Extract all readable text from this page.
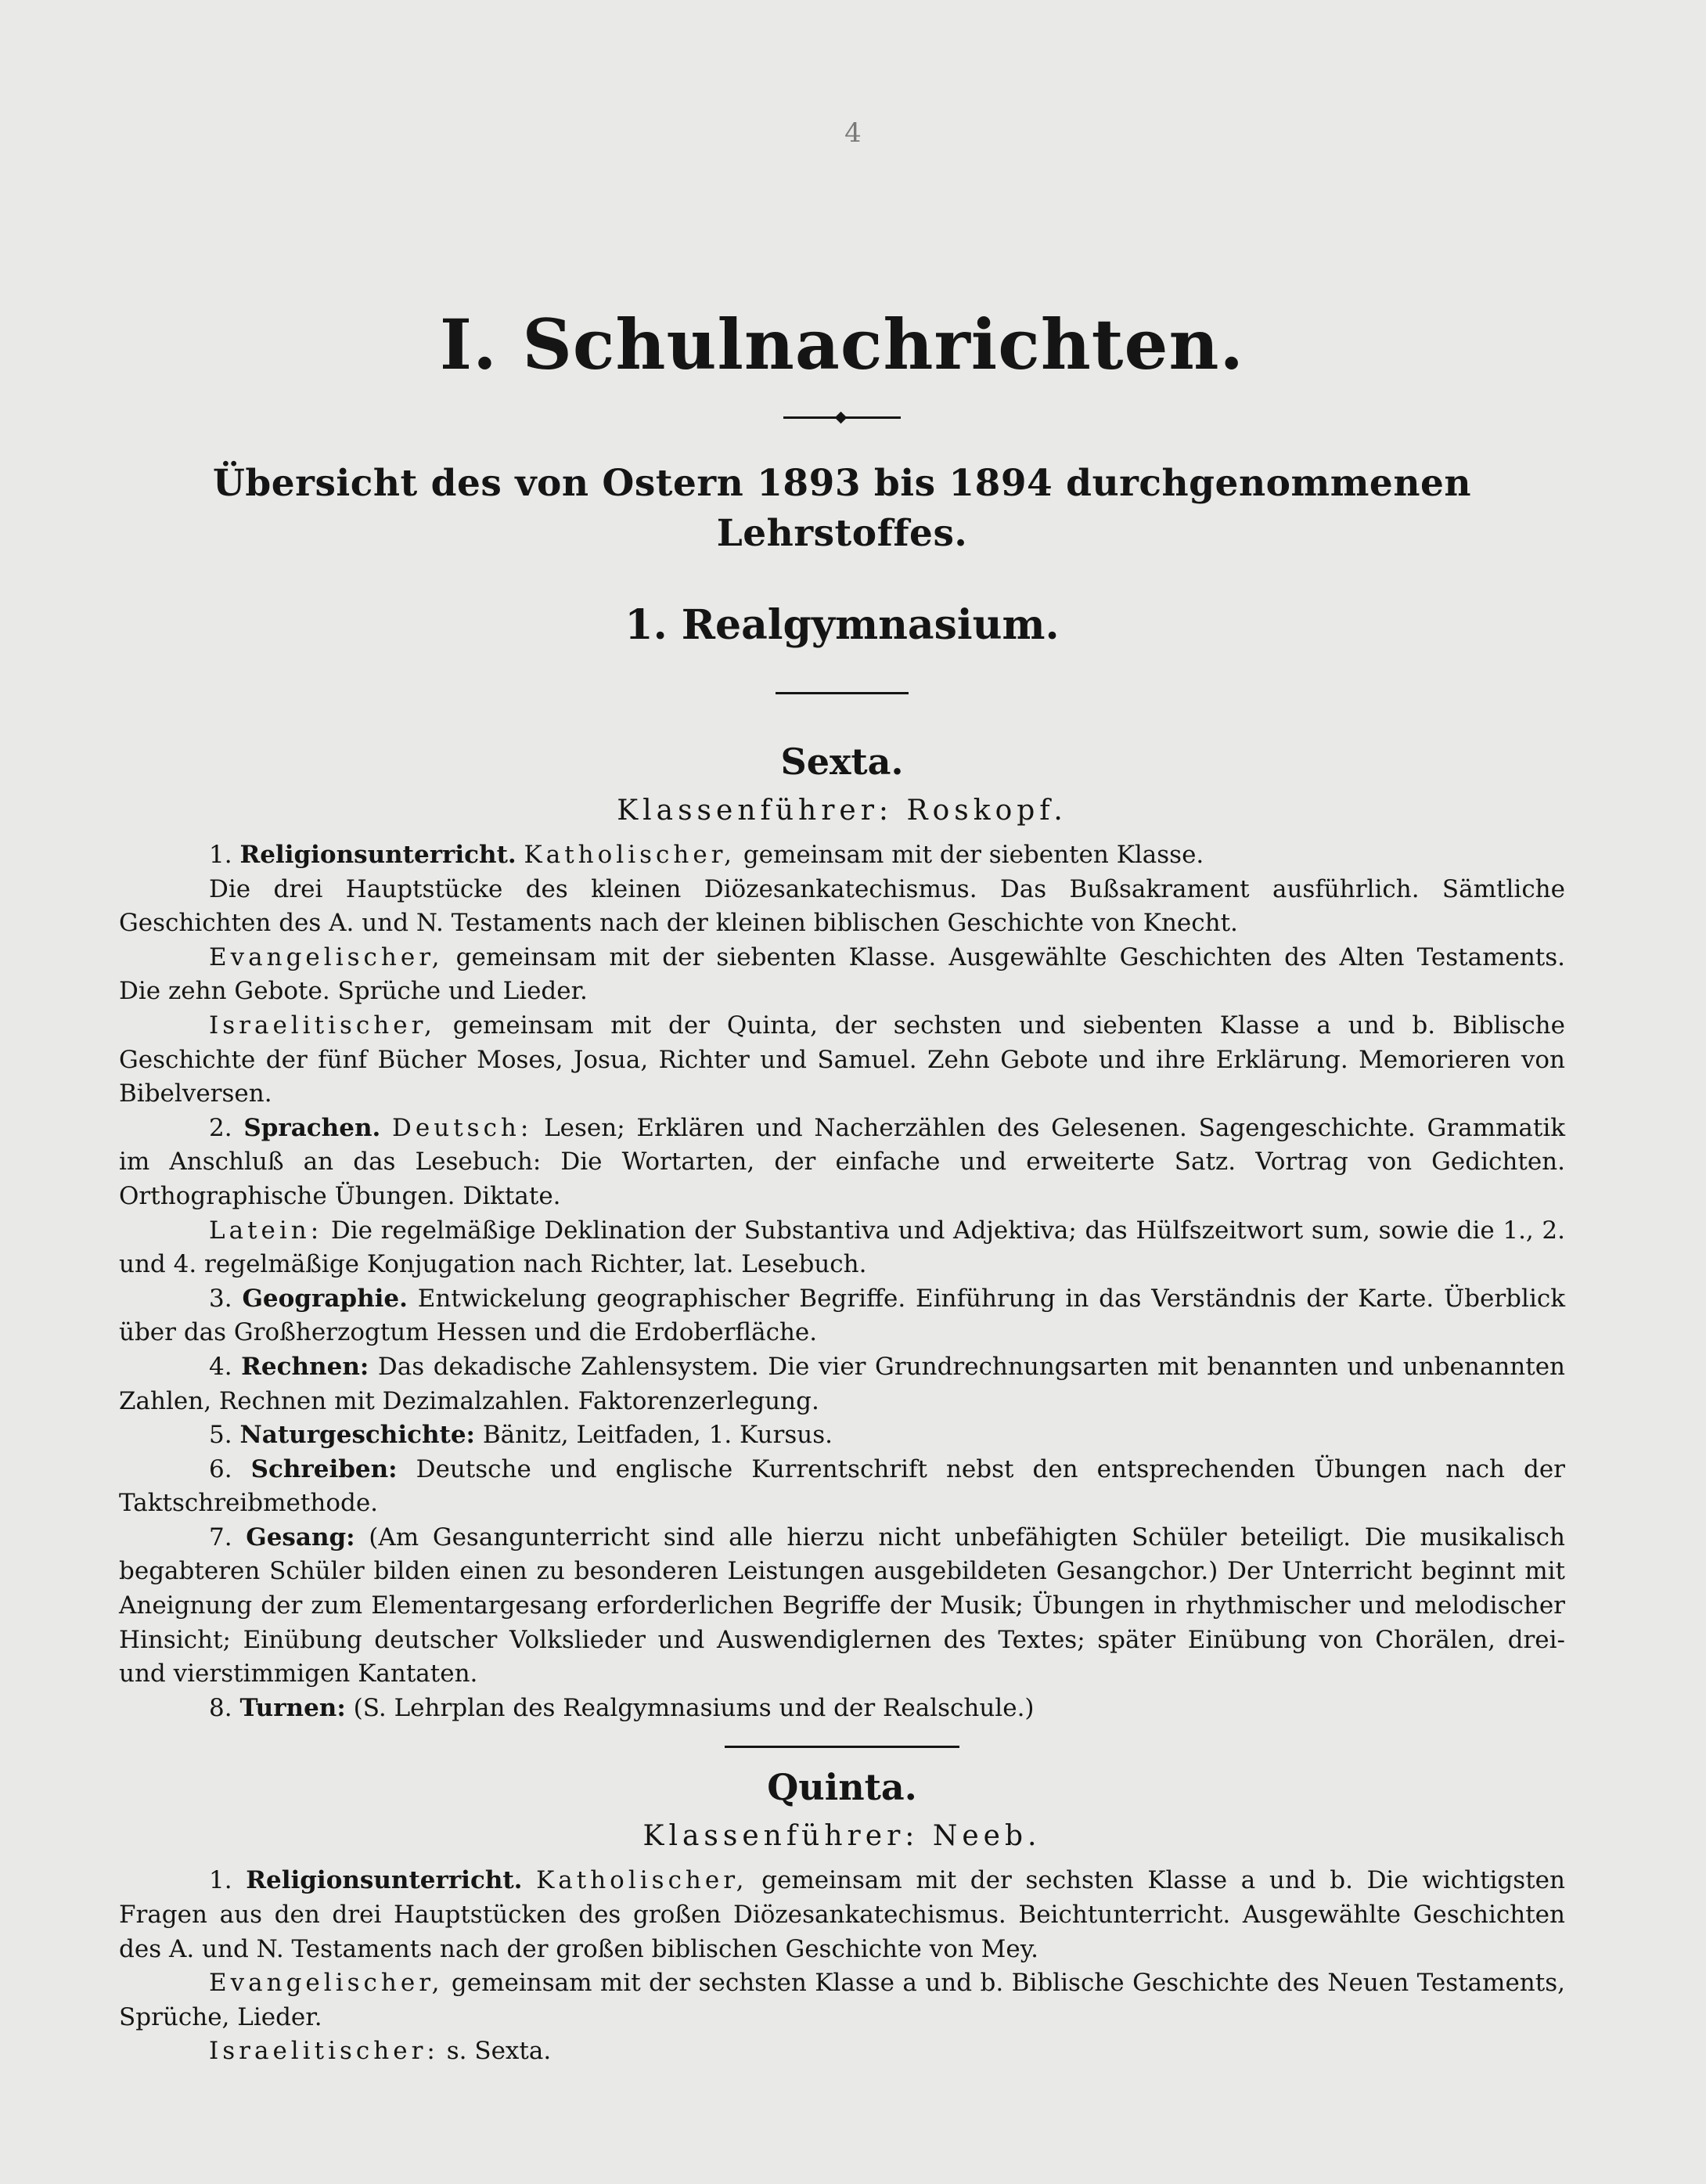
4
I. Schulnachrichten.
Übersicht des von Ostern 1893 bis 1894 durchgenommenen Lehrstoffes.
1. Realgymnasium.
Sexta.
Klassenführer: Roskopf.

1. Religionsunterricht. Katholischer, gemeinsam mit der siebenten Klasse.

Die drei Hauptstücke des kleinen Diözesankatechismus. Das Bußsakrament ausführlich. Sämtliche Geschichten des A. und N. Testaments nach der kleinen biblischen Geschichte von Knecht.

Evangelischer, gemeinsam mit der siebenten Klasse. Ausgewählte Geschichten des Alten Testaments. Die zehn Gebote. Sprüche und Lieder.

Israelitischer, gemeinsam mit der Quinta, der sechsten und siebenten Klasse a und b. Biblische Geschichte der fünf Bücher Moses, Josua, Richter und Samuel. Zehn Gebote und ihre Erklärung. Memorieren von Bibelversen.

2. Sprachen. Deutsch: Lesen; Erklären und Nacherzählen des Gelesenen. Sagengeschichte. Grammatik im Anschluß an das Lesebuch: Die Wortarten, der einfache und erweiterte Satz. Vortrag von Gedichten. Orthographische Übungen. Diktate.

Latein: Die regelmäßige Deklination der Substantiva und Adjektiva; das Hülfszeitwort sum, sowie die 1., 2. und 4. regelmäßige Konjugation nach Richter, lat. Lesebuch.

3. Geographie. Entwickelung geographischer Begriffe. Einführung in das Verständnis der Karte. Überblick über das Großherzogtum Hessen und die Erdoberfläche.

4. Rechnen: Das dekadische Zahlensystem. Die vier Grundrechnungsarten mit benannten und unbenannten Zahlen, Rechnen mit Dezimalzahlen. Faktorenzerlegung.

5. Naturgeschichte: Bänitz, Leitfaden, 1. Kursus.

6. Schreiben: Deutsche und englische Kurrentschrift nebst den entsprechenden Übungen nach der Taktschreibmethode.

7. Gesang: (Am Gesangunterricht sind alle hierzu nicht unbefähigten Schüler beteiligt. Die musikalisch begabteren Schüler bilden einen zu besonderen Leistungen ausgebildeten Gesangchor.) Der Unterricht beginnt mit Aneignung der zum Elementargesang erforderlichen Begriffe der Musik; Übungen in rhythmischer und melodischer Hinsicht; Einübung deutscher Volkslieder und Auswendiglernen des Textes; später Einübung von Chorälen, drei- und vierstimmigen Kantaten.

8. Turnen: (S. Lehrplan des Realgymnasiums und der Realschule.)

Quinta.
Klassenführer: Neeb.

1. Religionsunterricht. Katholischer, gemeinsam mit der sechsten Klasse a und b. Die wichtigsten Fragen aus den drei Hauptstücken des großen Diözesankatechismus. Beichtunterricht. Ausgewählte Geschichten des A. und N. Testaments nach der großen biblischen Geschichte von Mey.

Evangelischer, gemeinsam mit der sechsten Klasse a und b. Biblische Geschichte des Neuen Testaments, Sprüche, Lieder.

Israelitischer: s. Sexta.
